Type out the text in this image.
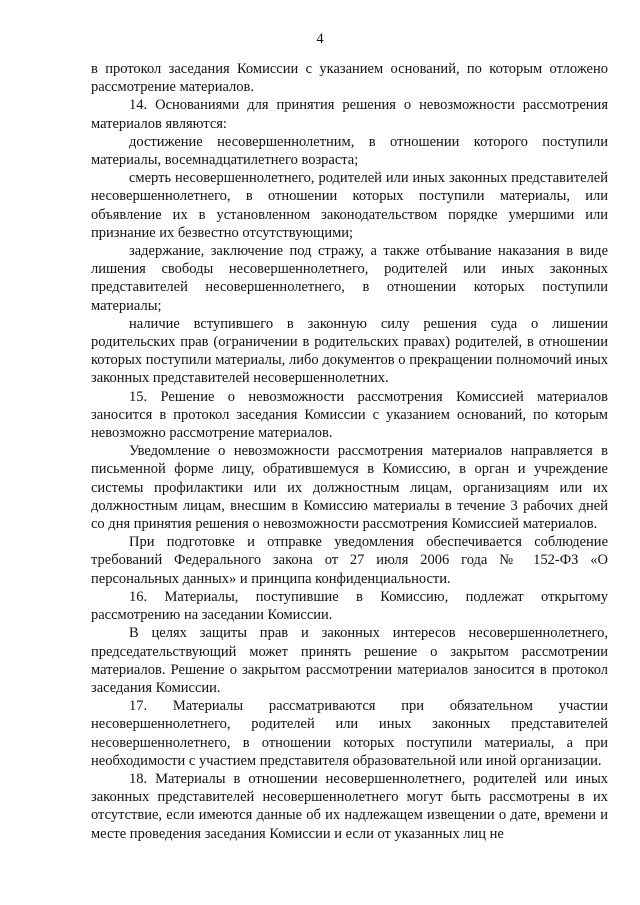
4

в протокол заседания Комиссии с указанием оснований, по которым отложено рассмотрение материалов.

14. Основаниями для принятия решения о невозможности рассмотрения материалов являются:

достижение несовершеннолетним, в отношении которого поступили материалы, восемнадцатилетнего возраста;

смерть несовершеннолетнего, родителей или иных законных представителей несовершеннолетнего, в отношении которых поступили материалы, или объявление их в установленном законодательством порядке умершими или признание их безвестно отсутствующими;

задержание, заключение под стражу, а также отбывание наказания в виде лишения свободы несовершеннолетнего, родителей или иных законных представителей несовершеннолетнего, в отношении которых поступили материалы;

наличие вступившего в законную силу решения суда о лишении родительских прав (ограничении в родительских правах) родителей, в отношении которых поступили материалы, либо документов о прекращении полномочий иных законных представителей несовершеннолетних.

15. Решение о невозможности рассмотрения Комиссией материалов заносится в протокол заседания Комиссии с указанием оснований, по которым невозможно рассмотрение материалов.

Уведомление о невозможности рассмотрения материалов направляется в письменной форме лицу, обратившемуся в Комиссию, в орган и учреждение системы профилактики или их должностным лицам, организациям или их должностным лицам, внесшим в Комиссию материалы в течение 3 рабочих дней со дня принятия решения о невозможности рассмотрения Комиссией материалов.

При подготовке и отправке уведомления обеспечивается соблюдение требований Федерального закона от 27 июля 2006 года № 152-ФЗ «О персональных данных» и принципа конфиденциальности.

16. Материалы, поступившие в Комиссию, подлежат открытому рассмотрению на заседании Комиссии.

В целях защиты прав и законных интересов несовершеннолетнего, председательствующий может принять решение о закрытом рассмотрении материалов. Решение о закрытом рассмотрении материалов заносится в протокол заседания Комиссии.

17. Материалы рассматриваются при обязательном участии несовершеннолетнего, родителей или иных законных представителей несовершеннолетнего, в отношении которых поступили материалы, а при необходимости с участием представителя образовательной или иной организации.

18. Материалы в отношении несовершеннолетнего, родителей или иных законных представителей несовершеннолетнего могут быть рассмотрены в их отсутствие, если имеются данные об их надлежащем извещении о дате, времени и месте проведения заседания Комиссии и если от указанных лиц не
